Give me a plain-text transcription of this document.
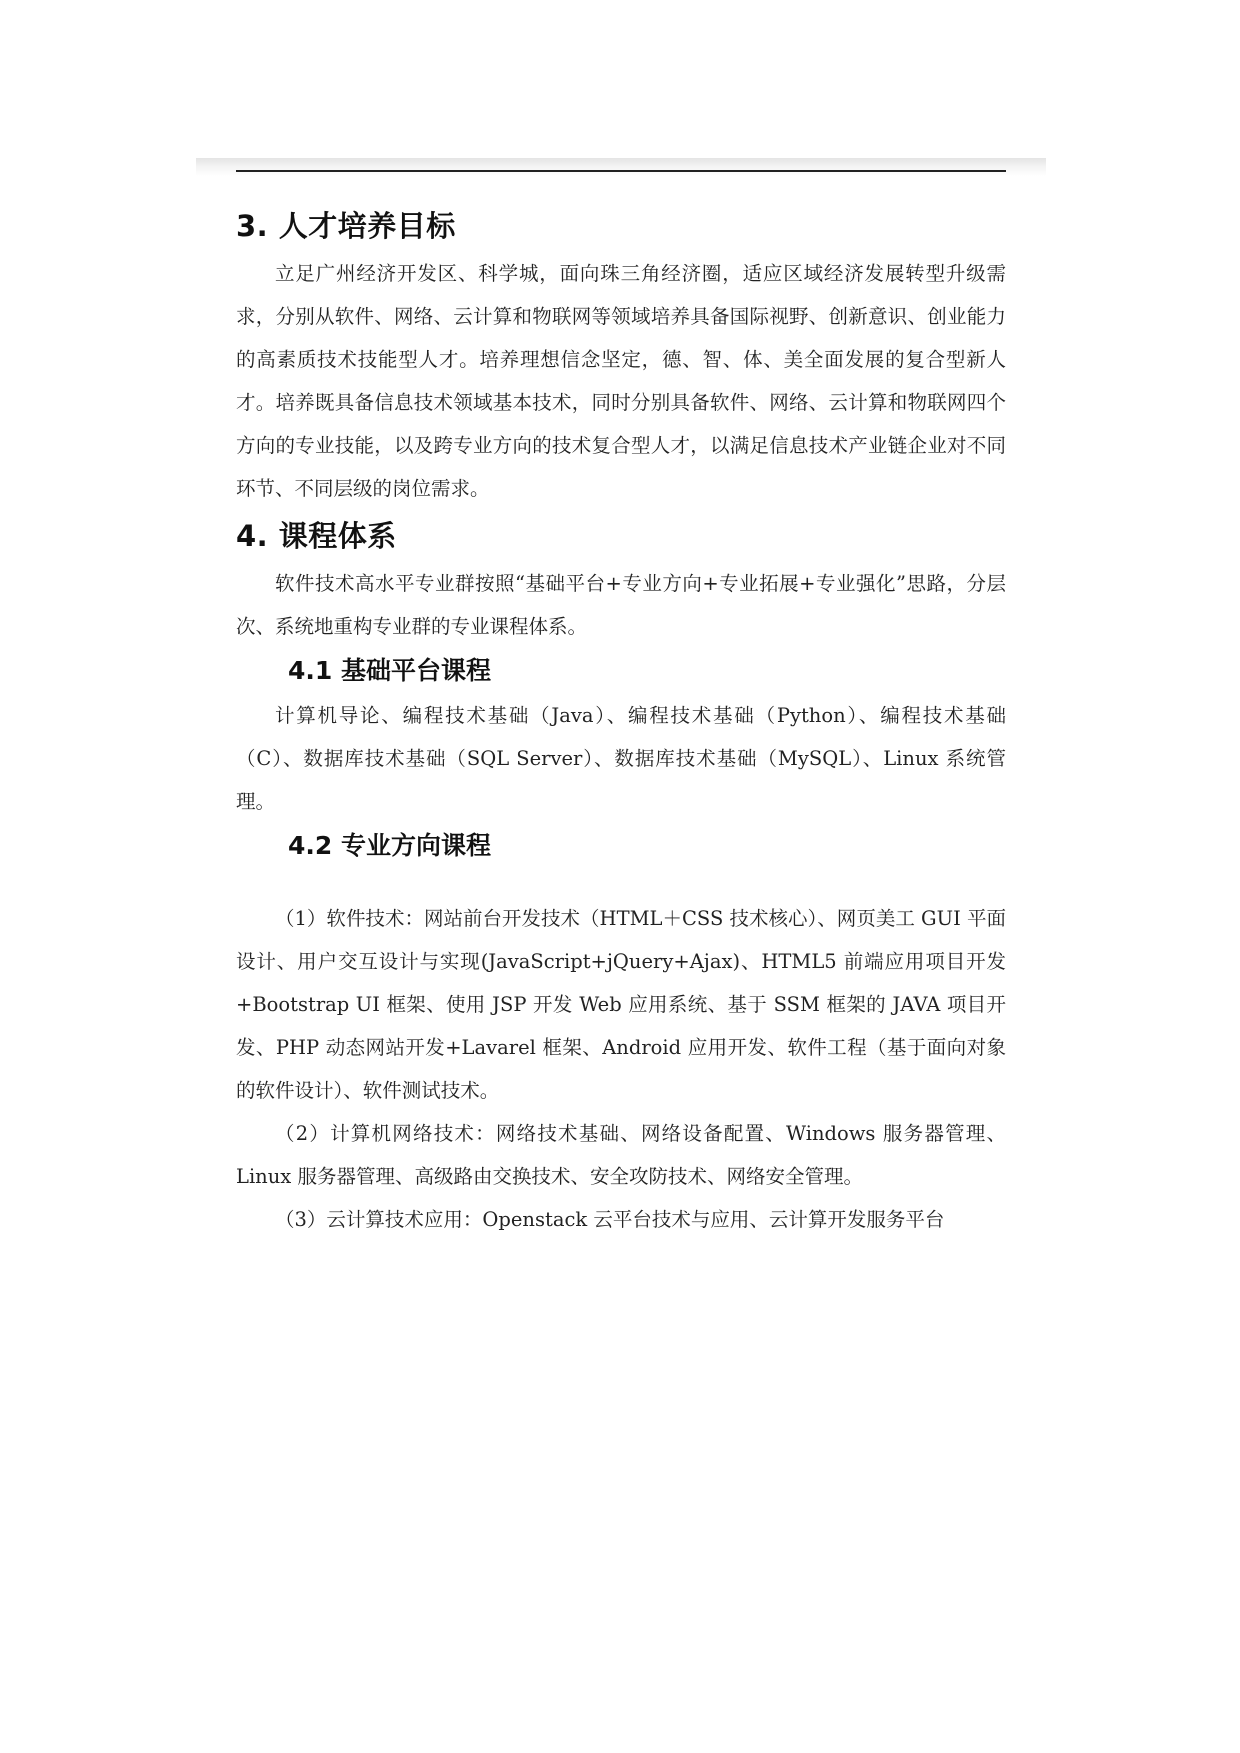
3. 人才培养目标

立足广州经济开发区、科学城，面向珠三角经济圈，适应区域经济发展转型升级需求，分别从软件、网络、云计算和物联网等领域培养具备国际视野、创新意识、创业能力的高素质技术技能型人才。培养理想信念坚定，德、智、体、美全面发展的复合型新人才。培养既具备信息技术领域基本技术，同时分别具备软件、网络、云计算和物联网四个方向的专业技能，以及跨专业方向的技术复合型人才，以满足信息技术产业链企业对不同环节、不同层级的岗位需求。

4. 课程体系

软件技术高水平专业群按照“基础平台+专业方向+专业拓展+专业强化”思路，分层次、系统地重构专业群的专业课程体系。

4.1 基础平台课程

计算机导论、编程技术基础（Java）、编程技术基础（Python）、编程技术基础（C）、数据库技术基础（SQL Server）、数据库技术基础（MySQL）、Linux 系统管理。

4.2 专业方向课程

（1）软件技术：网站前台开发技术（HTML＋CSS 技术核心）、网页美工 GUI 平面设计、用户交互设计与实现(JavaScript+jQuery+Ajax)、HTML5 前端应用项目开发+Bootstrap UI 框架、使用 JSP 开发 Web 应用系统、基于 SSM 框架的 JAVA 项目开发、PHP 动态网站开发+Lavarel 框架、Android 应用开发、软件工程（基于面向对象的软件设计）、软件测试技术。

（2）计算机网络技术：网络技术基础、网络设备配置、Windows 服务器管理、Linux 服务器管理、高级路由交换技术、安全攻防技术、网络安全管理。

（3）云计算技术应用：Openstack 云平台技术与应用、云计算开发服务平台
